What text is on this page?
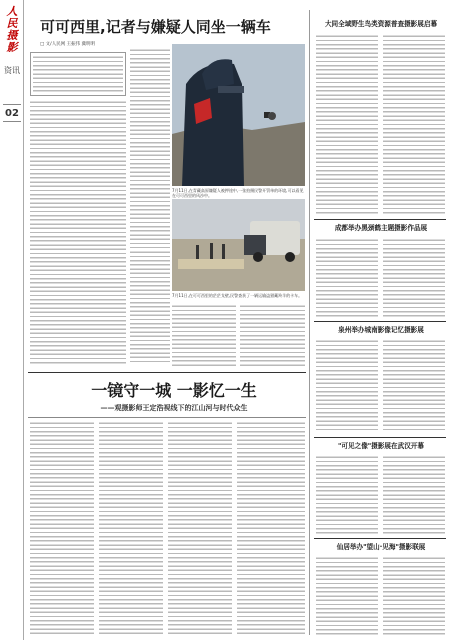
人民摄影
资讯
02
可可西里,记者与嫌疑人同坐一辆车
□ 文/人民网 王振伟 冀明明
7月11日,在青藏高原嫌疑人被押途中,一张拍摄民警开罚单的环境,可以看见在可可西里的风沙中。
7月11日,在可可西里的茫茫戈壁,民警查获了一辆运输盗猎藏羚羊的卡车。
一镜守一城 一影忆一生
——观摄影师王定浩视线下的江山河与时代众生
大同全域野生鸟类资源普查摄影展启幕
成都举办黑颈鹤主题摄影作品展
泉州举办城南影像记忆摄影展
"可见之像"摄影展在武汉开幕
仙居举办"望山·见海"摄影联展
